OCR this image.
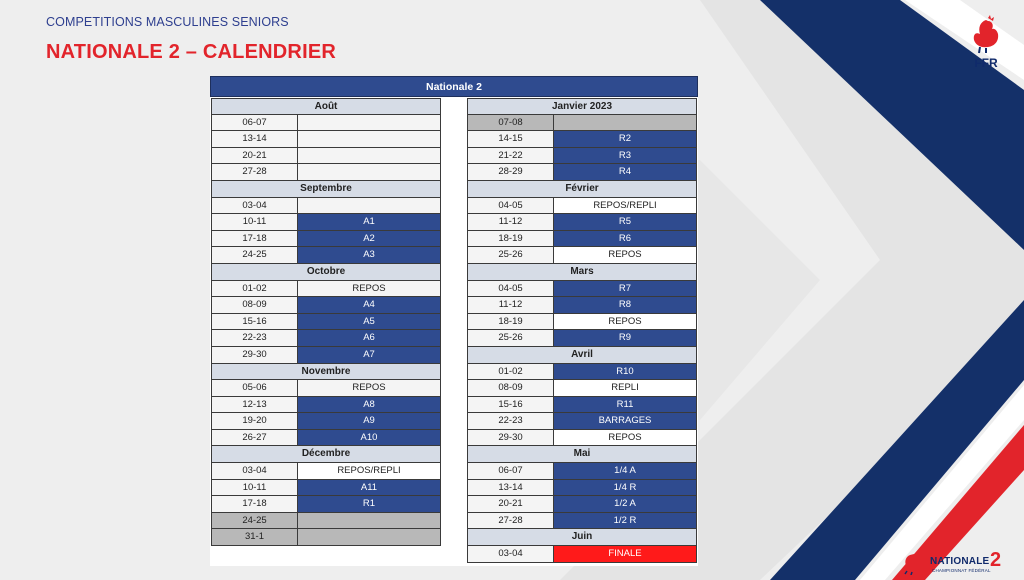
COMPETITIONS MASCULINES SENIORS
NATIONALE 2 – CALENDRIER	FFR
NATIONALE 2
CHAMPIONNAT FÉDÉRAL
Nationale 2
Août
06-07
13-14
20-21
27-28
Septembre
03-04
10-11	A1
17-18	A2
24-25	A3
Octobre
01-02	REPOS
08-09	A4
15-16	A5
22-23	A6
29-30	A7
Novembre
05-06	REPOS
12-13	A8
19-20	A9
26-27	A10
Décembre
03-04	REPOS/REPLI
10-11	A11
17-18	R1
24-25
31-1
Janvier 2023
07-08
14-15	R2
21-22	R3
28-29	R4
Février
04-05	REPOS/REPLI
11-12	R5
18-19	R6
25-26	REPOS
Mars
04-05	R7
11-12	R8
18-19	REPOS
25-26	R9
Avril
01-02	R10
08-09	REPLI
15-16	R11
22-23	BARRAGES
29-30	REPOS
Mai
06-07	1/4 A
13-14	1/4 R
20-21	1/2 A
27-28	1/2 R
Juin
03-04	FINALE
